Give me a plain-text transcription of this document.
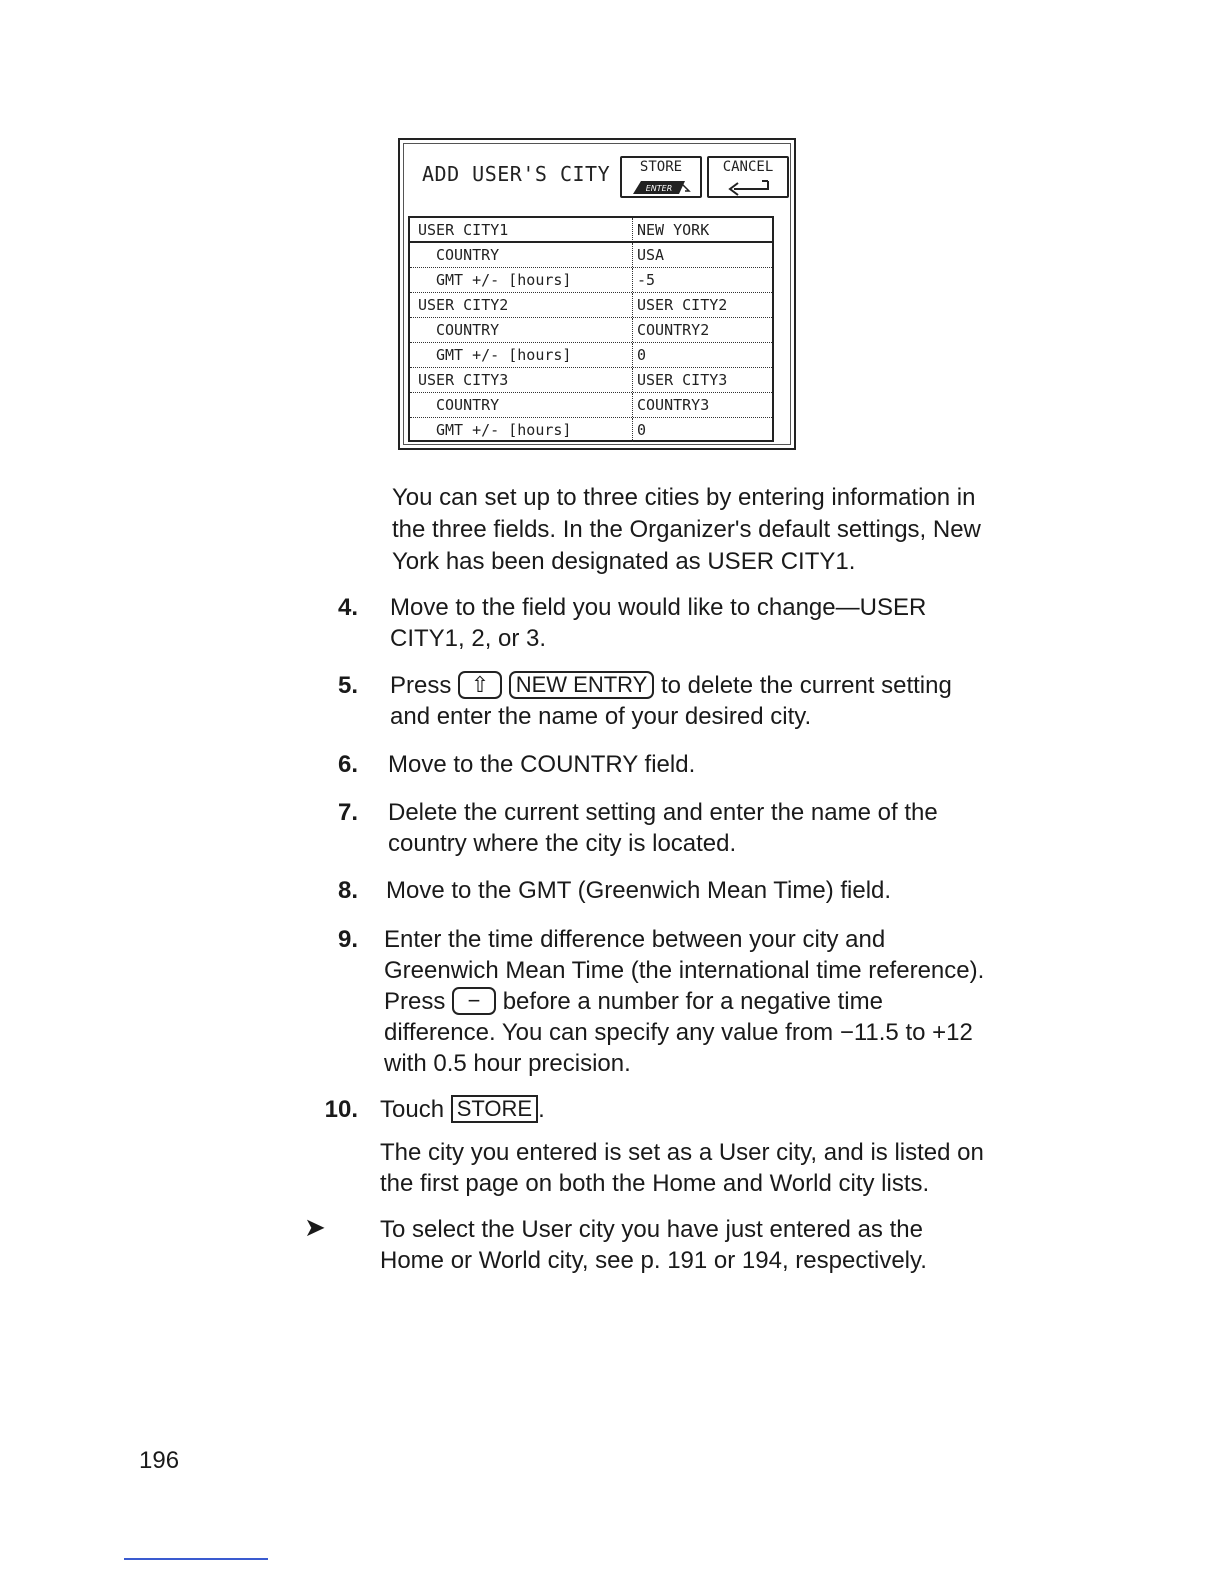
ADD USER'S CITY	STORE
ENTER
CANCEL
USER CITY1	NEW YORK
COUNTRY	USA
GMT +/- [hours]	-5
USER CITY2	USER CITY2
COUNTRY	COUNTRY2
GMT +/- [hours]	0
USER CITY3	USER CITY3
COUNTRY	COUNTRY3
GMT +/- [hours]	0
You can set up to three cities by entering information in
the three fields. In the Organizer's default settings, New
York has been designated as USER CITY1.
4. Move to the field you would like to change—USER
CITY1, 2, or 3.
5. Press ⇧ NEW ENTRY to delete the current setting
and enter the name of your desired city.
6. Move to the COUNTRY field.
7. Delete the current setting and enter the name of the
country where the city is located.
8. Move to the GMT (Greenwich Mean Time) field.
9. Enter the time difference between your city and
Greenwich Mean Time (the international time reference).
Press − before a number for a negative time
difference. You can specify any value from −11.5 to +12
with 0.5 hour precision.
10. Touch STORE .
The city you entered is set as a User city, and is listed on
the first page on both the Home and World city lists.
➤ To select the User city you have just entered as the
Home or World city, see p. 191 or 194, respectively.
196
